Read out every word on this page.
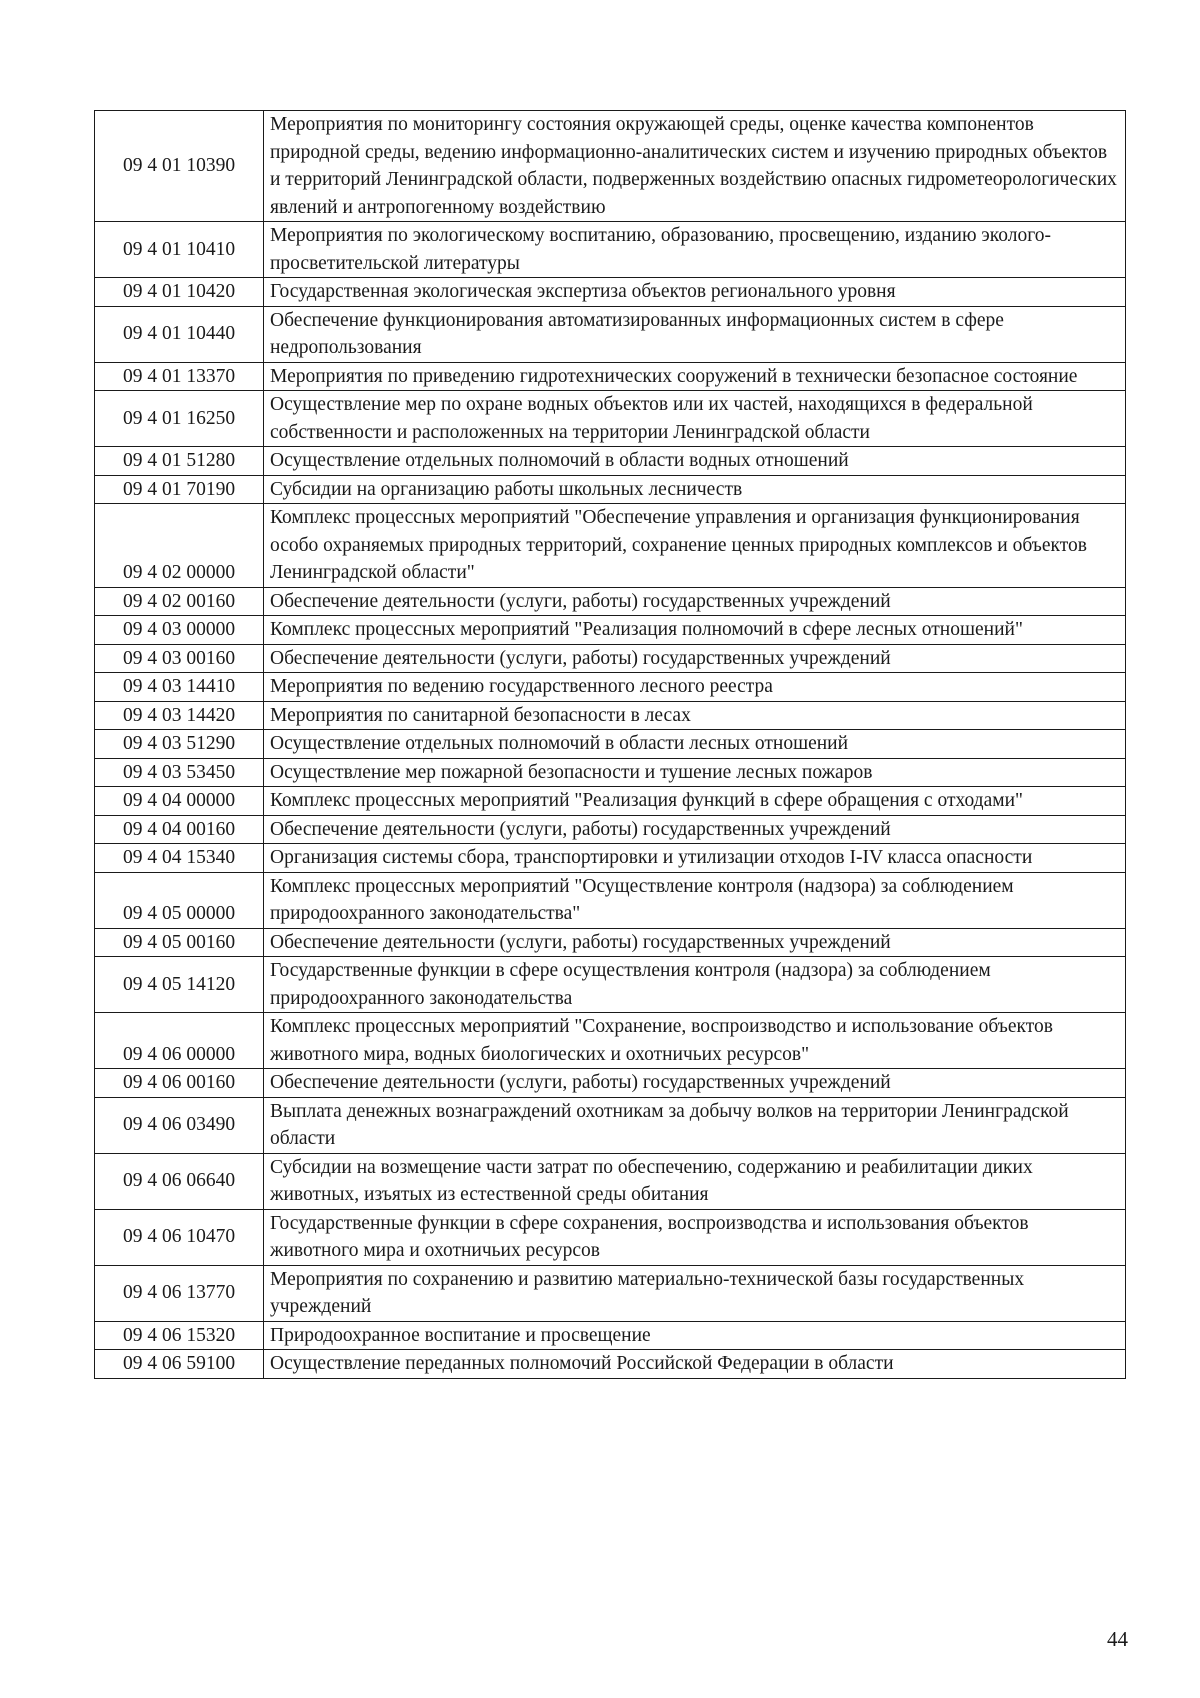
09 4 01 10390	Мероприятия по мониторингу состояния окружающей среды, оценке качества компонентов природной среды, ведению информационно-аналитических систем и изучению природных объектов и территорий Ленинградской области, подверженных воздействию опасных гидрометеорологических явлений и антропогенному воздействию
09 4 01 10410	Мероприятия по экологическому воспитанию, образованию, просвещению, изданию эколого-просветительской литературы
09 4 01 10420	Государственная экологическая экспертиза объектов регионального уровня
09 4 01 10440	Обеспечение функционирования автоматизированных информационных систем в сфере недропользования
09 4 01 13370	Мероприятия по приведению гидротехнических сооружений в технически безопасное состояние
09 4 01 16250	Осуществление мер по охране водных объектов или их частей, находящихся в федеральной собственности и расположенных на территории Ленинградской области
09 4 01 51280	Осуществление отдельных полномочий в области водных отношений
09 4 01 70190	Субсидии на организацию работы школьных лесничеств
09 4 02 00000	Комплекс процессных мероприятий "Обеспечение управления и организация функционирования особо охраняемых природных территорий, сохранение ценных природных комплексов и объектов Ленинградской области"
09 4 02 00160	Обеспечение деятельности (услуги, работы) государственных учреждений
09 4 03 00000	Комплекс процессных мероприятий "Реализация полномочий в сфере лесных отношений"
09 4 03 00160	Обеспечение деятельности (услуги, работы) государственных учреждений
09 4 03 14410	Мероприятия по ведению государственного лесного реестра
09 4 03 14420	Мероприятия по санитарной безопасности в лесах
09 4 03 51290	Осуществление отдельных полномочий в области лесных отношений
09 4 03 53450	Осуществление мер пожарной безопасности и тушение лесных пожаров
09 4 04 00000	Комплекс процессных мероприятий "Реализация функций в сфере обращения с отходами"
09 4 04 00160	Обеспечение деятельности (услуги, работы) государственных учреждений
09 4 04 15340	Организация системы сбора, транспортировки и утилизации отходов I-IV класса опасности
09 4 05 00000	Комплекс процессных мероприятий "Осуществление контроля (надзора) за соблюдением природоохранного законодательства"
09 4 05 00160	Обеспечение деятельности (услуги, работы) государственных учреждений
09 4 05 14120	Государственные функции в сфере осуществления контроля (надзора) за соблюдением природоохранного законодательства
09 4 06 00000	Комплекс процессных мероприятий "Сохранение, воспроизводство и использование объектов животного мира, водных биологических и охотничьих ресурсов"
09 4 06 00160	Обеспечение деятельности (услуги, работы) государственных учреждений
09 4 06 03490	Выплата денежных вознаграждений охотникам за добычу волков на территории Ленинградской области
09 4 06 06640	Субсидии на возмещение части затрат по обеспечению, содержанию и реабилитации диких животных, изъятых из естественной среды обитания
09 4 06 10470	Государственные функции в сфере сохранения, воспроизводства и использования объектов животного мира и охотничьих ресурсов
09 4 06 13770	Мероприятия по сохранению и развитию материально-технической базы государственных учреждений
09 4 06 15320	Природоохранное воспитание и просвещение
09 4 06 59100	Осуществление переданных полномочий Российской Федерации в области
44
